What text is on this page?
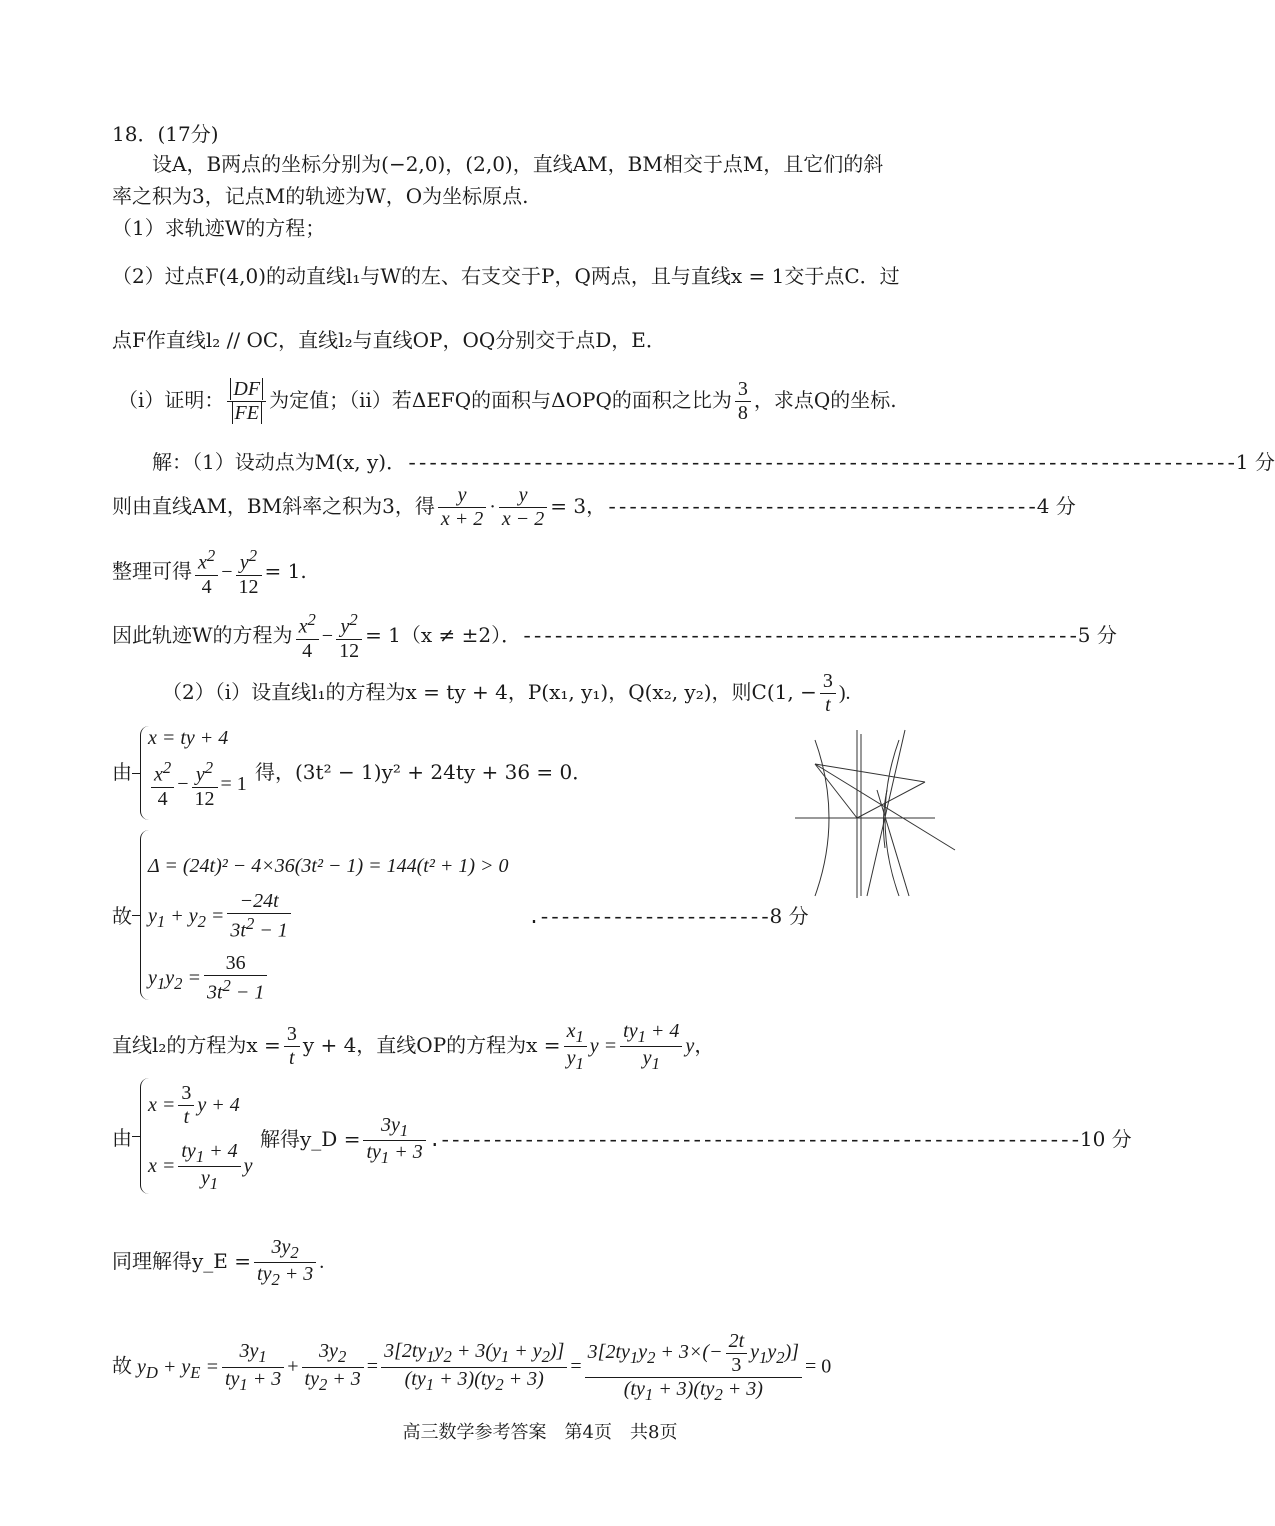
18．(17分)
设A，B两点的坐标分别为(−2,0)，(2,0)，直线AM，BM相交于点M，且它们的斜
率之积为3，记点M的轨迹为W，O为坐标原点.
（1）求轨迹W的方程；
（2）过点F(4,0)的动直线l₁与W的左、右支交于P，Q两点，且与直线x = 1交于点C．过
点F作直线l₂ // OC，直线l₂与直线OP，OQ分别交于点D，E．
（i）证明： $\frac{DF}{FE}$ 为定值；（ii）若ΔEFQ的面积与ΔOPQ的面积之比为 $\frac{3}{8}$ ，求点Q的坐标.
解：（1）设动点为M(x, y)．-------------------------------------------------------------------------------1 分
则由直线AM，BM斜率之积为3，得 $\frac{y}{x + 2} \cdot \frac{y}{x - 2} = 3$，-----------------------------------------4 分
整理可得 $\frac{x^2}{4} - \frac{y^2}{12} = 1$.
因此轨迹W的方程为 $\frac{x^2}{4} - \frac{y^2}{12} = 1(x \ne \pm 2)$．-----------------------------------------------------5 分
（2）（i）设直线l₁的方程为x = ty + 4，P(x₁, y₁)，Q(x₂, y₂)，则C(1, − $\frac{3}{t}$ ).
由
x = ty + 4
$\frac{x^2}{4} - \frac{y^2}{12} = 1$ 得，(3t² − 1)y² + 24ty + 36 = 0．
故
Δ = (24t)² − 4×36(3t² − 1) = 144(t² + 1) > 0
$y_1 + y_2 = \frac{-24t}{3t^2 - 1}$
$y_1y_2 = \frac{36}{3t^2 - 1}$
.----------------------8 分
直线l₂的方程为$x = \frac{3}{t}$ y + 4，直线OP的方程为$x = \frac{x_1}{y_1}$ $y = \frac{ty_1 + 4}{y_1}$ y，
由
$x = \frac{3}{t}$ y + 4
$x = \frac{ty_1 + 4}{y_1}$ y
解得y_D = $\frac{3y_1}{ty_1 + 3} .-------------------------------------------------------------10$ 分
同理解得y_E = $\frac{3y_2}{ty_2 + 3}$ .
故 $y_D + y_E = \frac{3y_1}{ty_1 + 3} + \frac{3y_2}{ty_2 + 3} = \frac{3[2ty_1y_2 + 3(y_1 + y_2)]}{(ty_1 + 3)(ty_2 + 3)} = \frac{3[2ty_1y_2 + 3\times(- \frac{2t}{3} y_1y_2)]}{(ty_1 + 3)(ty_2 + 3)} = 0$
高三数学参考答案　第4页　共8页
